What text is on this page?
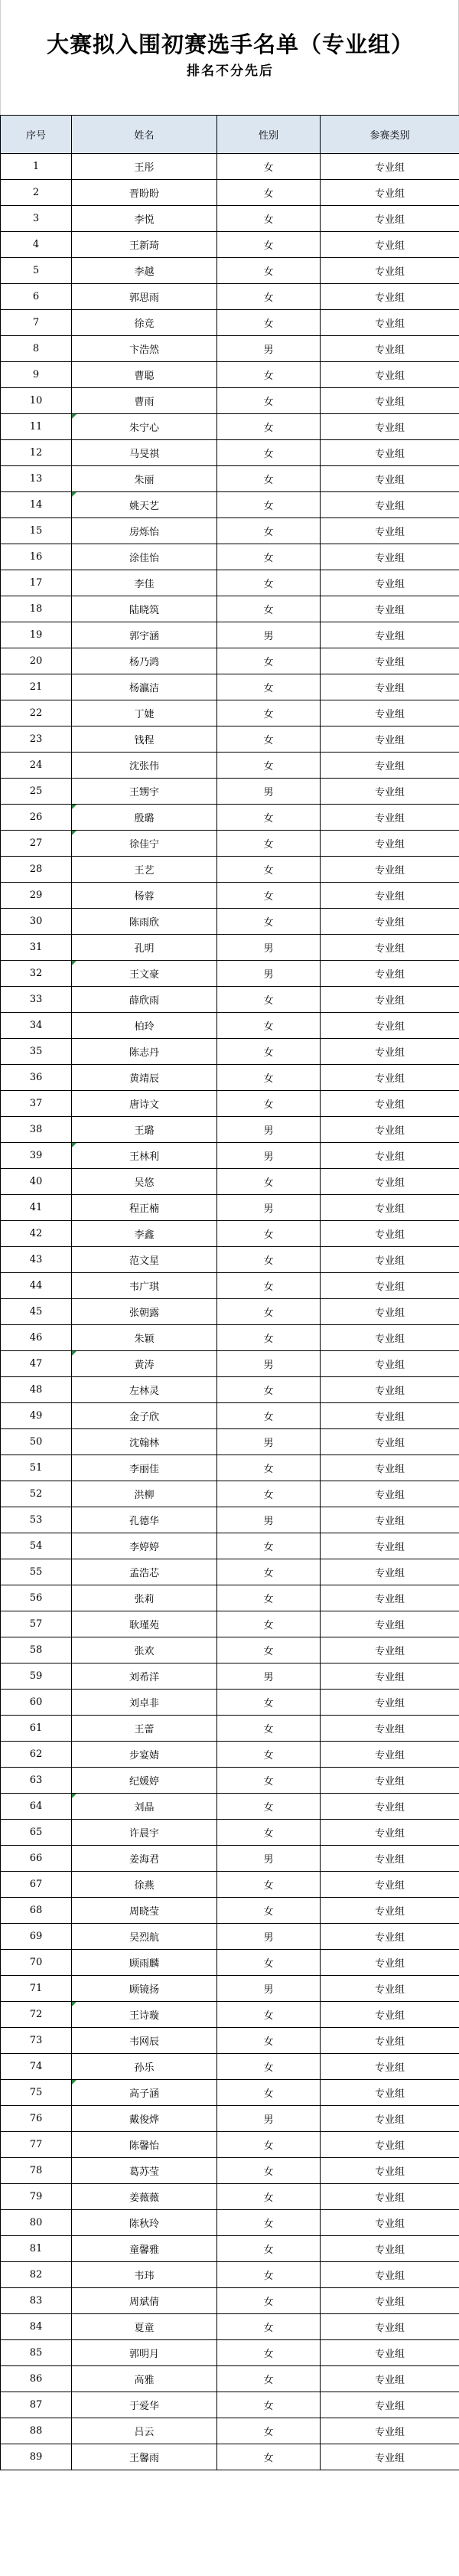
大赛拟入围初赛选手名单（专业组）
排名不分先后
序号	姓名	性别	参赛类别
1	王彤	女	专业组
2	晋盼盼	女	专业组
3	李悦	女	专业组
4	王新琦	女	专业组
5	李越	女	专业组
6	郭思雨	女	专业组
7	徐竞	女	专业组
8	卞浩然	男	专业组
9	曹聪	女	专业组
10	曹雨	女	专业组
11	朱宁心	女	专业组
12	马旻祺	女	专业组
13	朱丽	女	专业组
14	姚天艺	女	专业组
15	房烁怡	女	专业组
16	涂佳怡	女	专业组
17	李佳	女	专业组
18	陆晓筑	女	专业组
19	郭宇涵	男	专业组
20	杨乃鸿	女	专业组
21	杨瀛洁	女	专业组
22	丁婕	女	专业组
23	钱程	女	专业组
24	沈张伟	女	专业组
25	王甥宇	男	专业组
26	殷璐	女	专业组
27	徐佳宁	女	专业组
28	王艺	女	专业组
29	杨蓉	女	专业组
30	陈雨欣	女	专业组
31	孔明	男	专业组
32	王文豪	男	专业组
33	薛欣雨	女	专业组
34	柏玲	女	专业组
35	陈志丹	女	专业组
36	黄靖辰	女	专业组
37	唐诗文	女	专业组
38	王璐	男	专业组
39	王林利	男	专业组
40	吴悠	女	专业组
41	程正楠	男	专业组
42	李鑫	女	专业组
43	范文星	女	专业组
44	韦广琪	女	专业组
45	张朝露	女	专业组
46	朱颖	女	专业组
47	黄涛	男	专业组
48	左林灵	女	专业组
49	金子欣	女	专业组
50	沈翰林	男	专业组
51	李丽佳	女	专业组
52	洪柳	女	专业组
53	孔德华	男	专业组
54	李婷婷	女	专业组
55	孟浩芯	女	专业组
56	张莉	女	专业组
57	耿瑾苑	女	专业组
58	张欢	女	专业组
59	刘希洋	男	专业组
60	刘卓非	女	专业组
61	王蕾	女	专业组
62	步宴婧	女	专业组
63	纪媛婷	女	专业组
64	刘晶	女	专业组
65	许晨宇	女	专业组
66	姜海君	男	专业组
67	徐燕	女	专业组
68	周晓莹	女	专业组
69	吴烈航	男	专业组
70	顾雨麟	女	专业组
71	顾镜扬	男	专业组
72	王诗璇	女	专业组
73	韦网辰	女	专业组
74	孙乐	女	专业组
75	高子涵	女	专业组
76	戴俊烨	男	专业组
77	陈馨怡	女	专业组
78	葛苏莹	女	专业组
79	姜薇薇	女	专业组
80	陈秋玲	女	专业组
81	童馨雅	女	专业组
82	韦玮	女	专业组
83	周斌倩	女	专业组
84	夏童	女	专业组
85	郭明月	女	专业组
86	高雅	女	专业组
87	于爱华	女	专业组
88	吕云	女	专业组
89	王馨雨	女	专业组
